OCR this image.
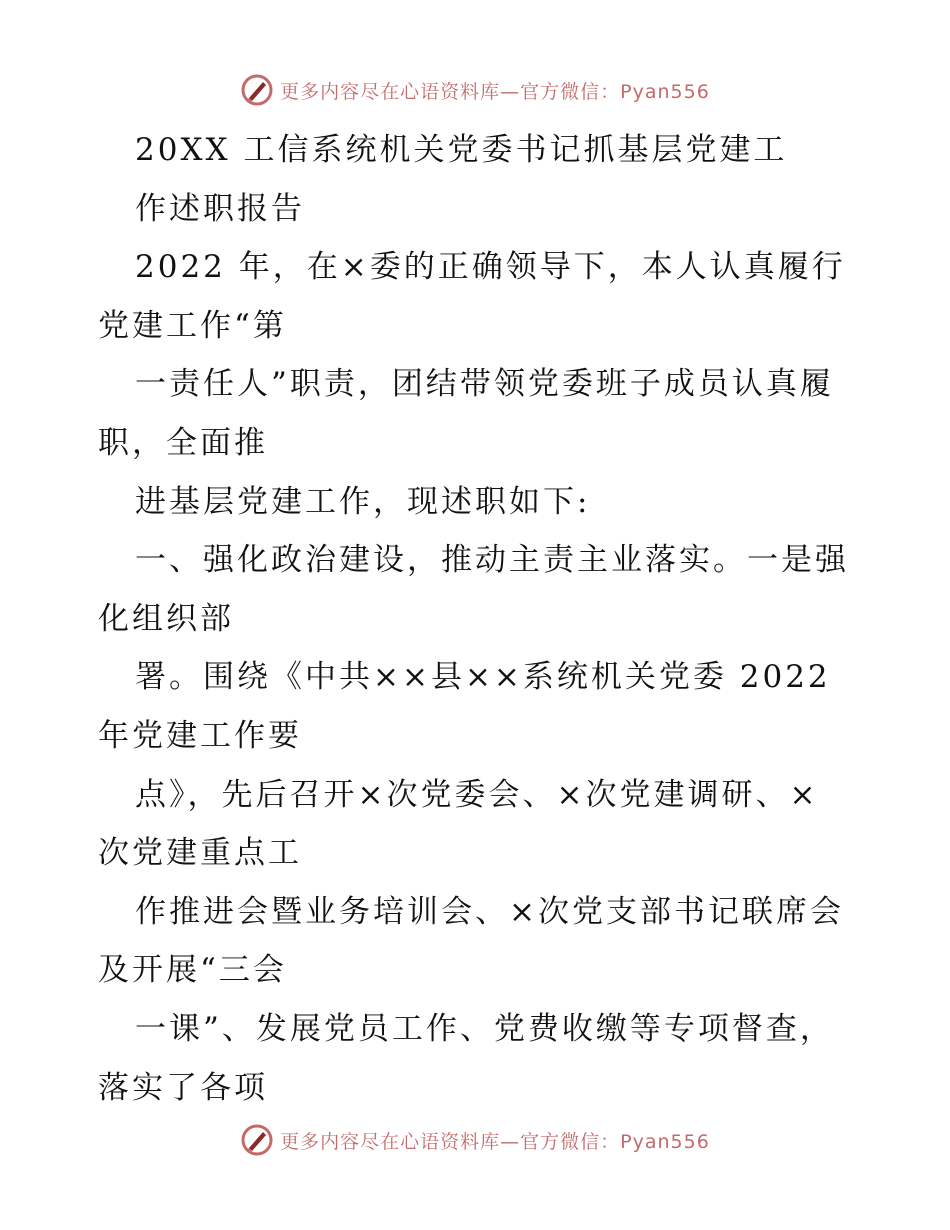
更多内容尽在心语资料库—官方微信：Pyan556
20XX 工信系统机关党委书记抓基层党建工
作述职报告
2022 年，在×委的正确领导下，本人认真履行
党建工作“第
一责任人”职责，团结带领党委班子成员认真履
职，全面推
进基层党建工作，现述职如下:
一、强化政治建设，推动主责主业落实。一是强
化组织部
署。围绕《中共××县××系统机关党委 2022
年党建工作要
点》，先后召开×次党委会、×次党建调研、×
次党建重点工
作推进会暨业务培训会、×次党支部书记联席会
及开展“三会
一课”、发展党员工作、党费收缴等专项督查，
落实了各项
更多内容尽在心语资料库—官方微信：Pyan556
